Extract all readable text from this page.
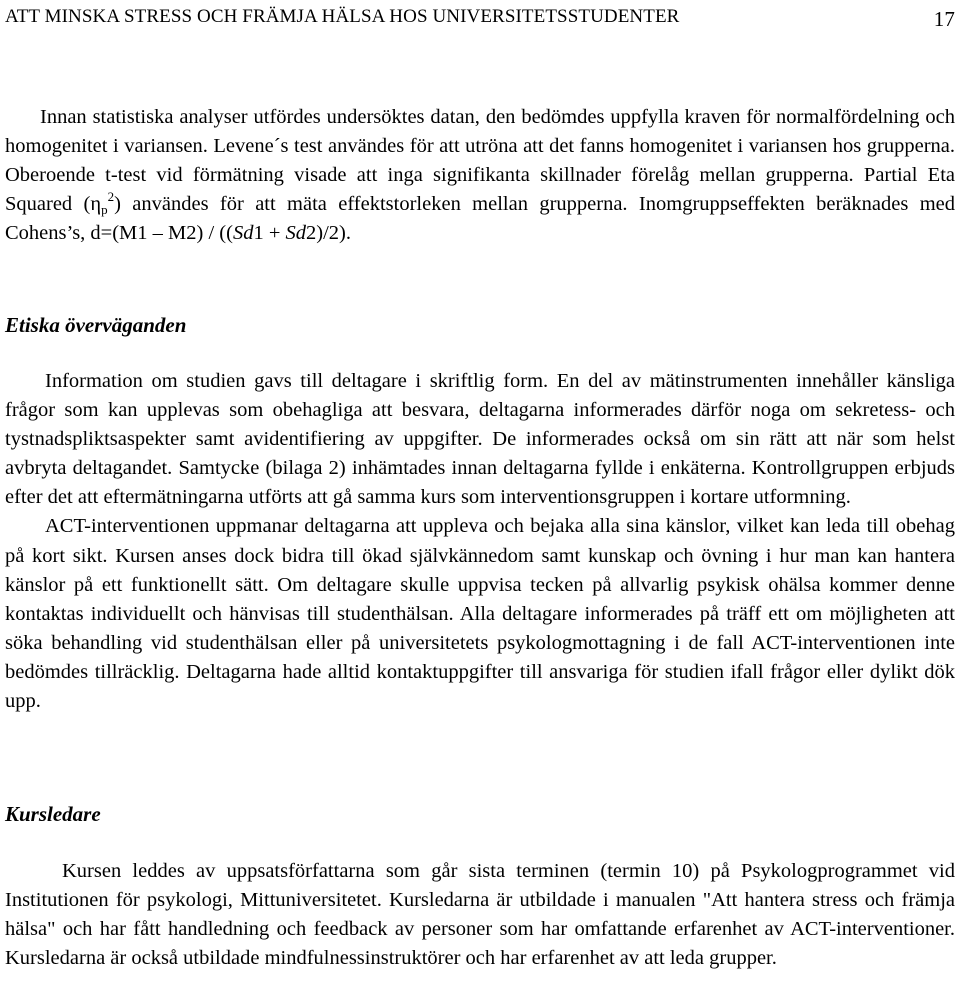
ATT MINSKA STRESS OCH FRÄMJA HÄLSA HOS UNIVERSITETSSTUDENTER	17

Innan statistiska analyser utfördes undersöktes datan, den bedömdes uppfylla kraven för normalfördelning och homogenitet i variansen. Levene´s test användes för att utröna att det fanns homogenitet i variansen hos grupperna. Oberoende t-test vid förmätning visade att inga signifikanta skillnader förelåg mellan grupperna. Partial Eta Squared $(\eta_p^2)$ användes för att mäta effektstorleken mellan grupperna. Inomgruppseffekten beräknades med Cohens’s, d=(M1 – M2) / ((Sd1 + Sd2)/2).

Etiska överväganden

Information om studien gavs till deltagare i skriftlig form. En del av mätinstrumenten innehåller känsliga frågor som kan upplevas som obehagliga att besvara, deltagarna informerades därför noga om sekretess- och tystnadspliktsaspekter samt avidentifiering av uppgifter. De informerades också om sin rätt att när som helst avbryta deltagandet. Samtycke (bilaga 2) inhämtades innan deltagarna fyllde i enkäterna. Kontrollgruppen erbjuds efter det att eftermätningarna utförts att gå samma kurs som interventionsgruppen i kortare utformning.
ACT-interventionen uppmanar deltagarna att uppleva och bejaka alla sina känslor, vilket kan leda till obehag på kort sikt. Kursen anses dock bidra till ökad självkännedom samt kunskap och övning i hur man kan hantera känslor på ett funktionellt sätt. Om deltagare skulle uppvisa tecken på allvarlig psykisk ohälsa kommer denne kontaktas individuellt och hänvisas till studenthälsan. Alla deltagare informerades på träff ett om möjligheten att söka behandling vid studenthälsan eller på universitetets psykologmottagning i de fall ACT-interventionen inte bedömdes tillräcklig. Deltagarna hade alltid kontaktuppgifter till ansvariga för studien ifall frågor eller dylikt dök upp.

Kursledare

Kursen leddes av uppsatsförfattarna som går sista terminen (termin 10) på Psykologprogrammet vid Institutionen för psykologi, Mittuniversitetet. Kursledarna är utbildade i manualen "Att hantera stress och främja hälsa" och har fått handledning och feedback av personer som har omfattande erfarenhet av ACT-interventioner. Kursledarna är också utbildade mindfulnessinstruktörer och har erfarenhet av att leda grupper.
